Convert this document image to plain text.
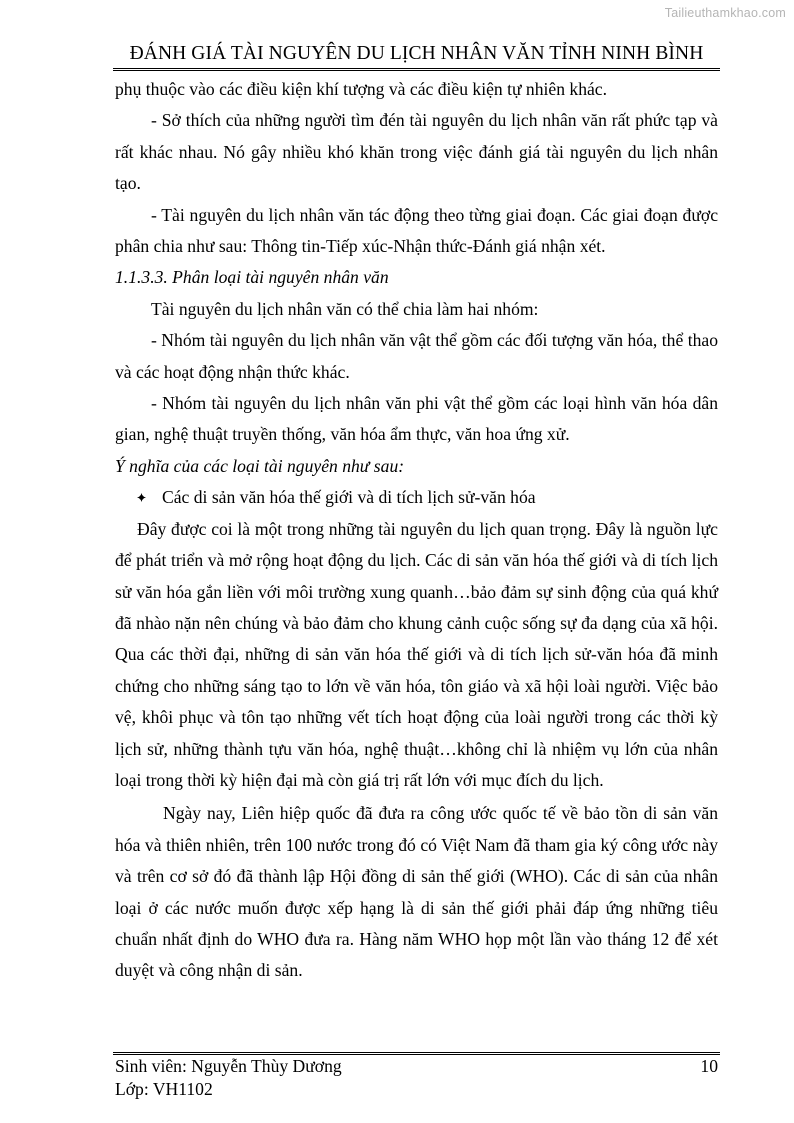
Tailieuthamkhao.com
ĐÁNH GIÁ TÀI NGUYÊN DU LỊCH NHÂN VĂN TỈNH NINH BÌNH

phụ thuộc vào các điều kiện khí tượng và các điều kiện tự nhiên khác.

- Sở thích của những người tìm đén tài nguyên du lịch nhân văn rất phức tạp và rất khác nhau. Nó gây nhiều khó khăn trong việc đánh giá tài nguyên du lịch nhân tạo.

- Tài nguyên du lịch nhân văn tác động theo từng giai đoạn. Các giai đoạn được phân chia như sau: Thông tin-Tiếp xúc-Nhận thức-Đánh giá nhận xét.

1.1.3.3. Phân loại tài nguyên nhân văn

Tài nguyên du lịch nhân văn có thể chia làm hai nhóm:

- Nhóm tài nguyên du lịch nhân văn vật thể gồm các đối tượng văn hóa, thể thao và các hoạt động nhận thức khác.

- Nhóm tài nguyên du lịch nhân văn phi vật thể gồm các loại hình văn hóa dân gian, nghệ thuật truyền thống, văn hóa ẩm thực, văn hoa ứng xử.

Ý nghĩa của các loại tài nguyên như sau:

Các di sản văn hóa thế giới và di tích lịch sử-văn hóa

Đây được coi là một trong những tài nguyên du lịch quan trọng. Đây là nguồn lực để phát triển và mở rộng hoạt động du lịch. Các di sản văn hóa thế giới và di tích lịch sử văn hóa gắn liền với môi trường xung quanh…bảo đảm sự sinh động của quá khứ đã nhào nặn nên chúng và bảo đảm cho khung cảnh cuộc sống sự đa dạng của xã hội. Qua các thời đại, những di sản văn hóa thế giới và di tích lịch sử-văn hóa đã minh chứng cho những sáng tạo to lớn về văn hóa, tôn giáo và xã hội loài người. Việc bảo vệ, khôi phục và tôn tạo những vết tích hoạt động của loài người trong các thời kỳ lịch sử, những thành tựu văn hóa, nghệ thuật…không chỉ là nhiệm vụ lớn của nhân loại trong thời kỳ hiện đại mà còn giá trị rất lớn với mục đích du lịch.

Ngày nay, Liên hiệp quốc đã đưa ra công ước quốc tế về bảo tồn di sản văn hóa và thiên nhiên, trên 100 nước trong đó có Việt Nam đã tham gia ký công ước này và trên cơ sở đó đã thành lập Hội đồng di sản thế giới (WHO). Các di sản của nhân loại ở các nước muốn được xếp hạng là di sản thế giới phải đáp ứng những tiêu chuẩn nhất định do WHO đưa ra. Hàng năm WHO họp một lần vào tháng 12 để xét duyệt và công nhận di sản.

Sinh viên: Nguyễn Thùy Dương
Lớp: VH1102
10
